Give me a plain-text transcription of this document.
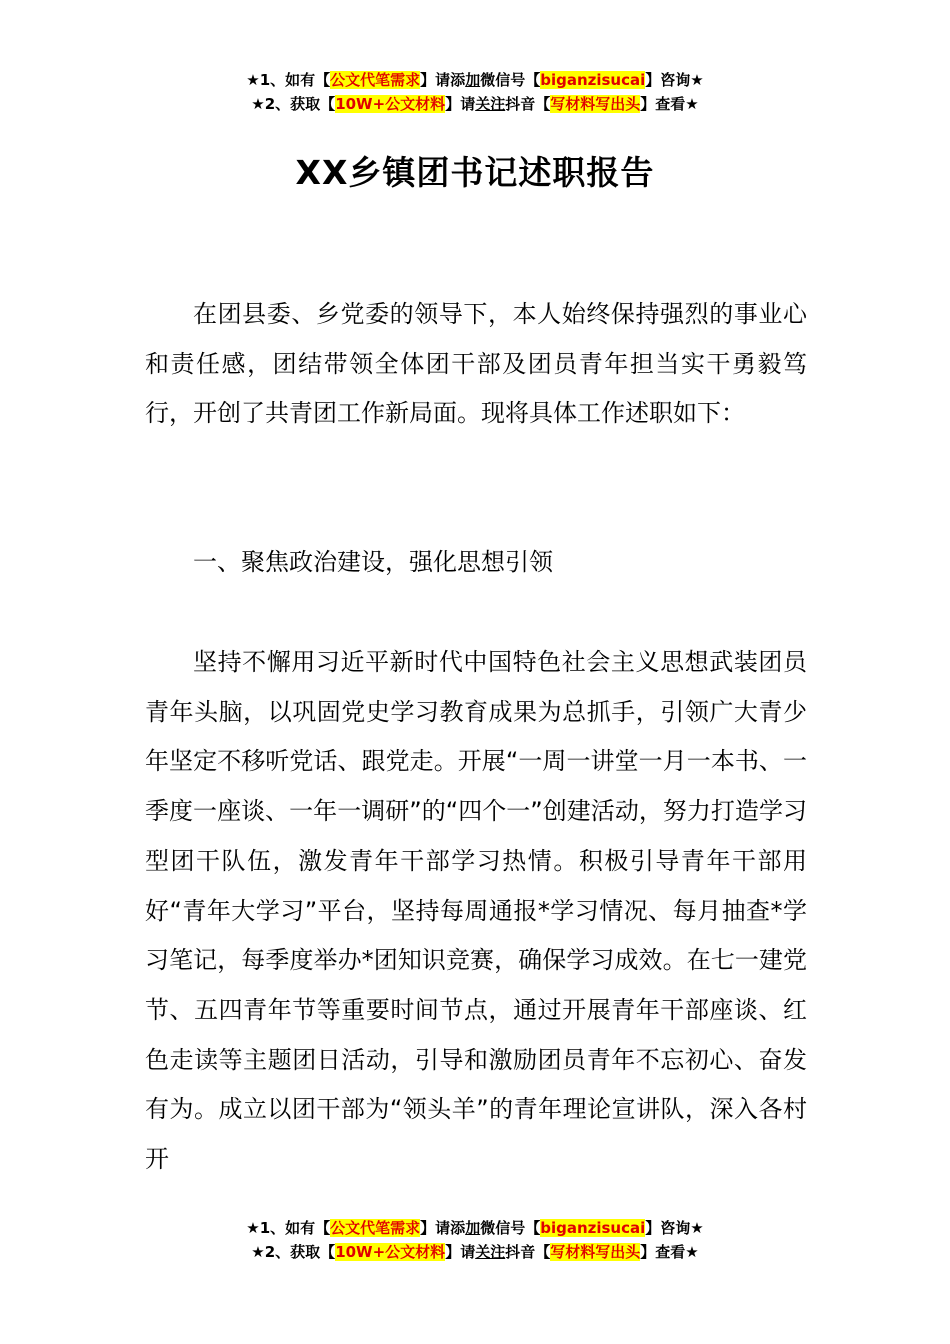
★1、如有【公文代笔需求】请添加微信号【biganzisucai】咨询★
★2、获取【10W+公文材料】请关注抖音【写材料写出头】查看★
XX乡镇团书记述职报告

在团县委、乡党委的领导下，本人始终保持强烈的事业心和责任感，团结带领全体团干部及团员青年担当实干勇毅笃行，开创了共青团工作新局面。现将具体工作述职如下：

一、聚焦政治建设，强化思想引领

坚持不懈用习近平新时代中国特色社会主义思想武装团员青年头脑，以巩固党史学习教育成果为总抓手，引领广大青少年坚定不移听党话、跟党走。开展“一周一讲堂一月一本书、一季度一座谈、一年一调研”的“四个一”创建活动，努力打造学习型团干队伍，激发青年干部学习热情。积极引导青年干部用好“青年大学习”平台，坚持每周通报*学习情况、每月抽查*学习笔记，每季度举办*团知识竞赛，确保学习成效。在七一建党节、五四青年节等重要时间节点，通过开展青年干部座谈、红色走读等主题团日活动，引导和激励团员青年不忘初心、奋发有为。成立以团干部为“领头羊”的青年理论宣讲队，深入各村开

★1、如有【公文代笔需求】请添加微信号【biganzisucai】咨询★
★2、获取【10W+公文材料】请关注抖音【写材料写出头】查看★
